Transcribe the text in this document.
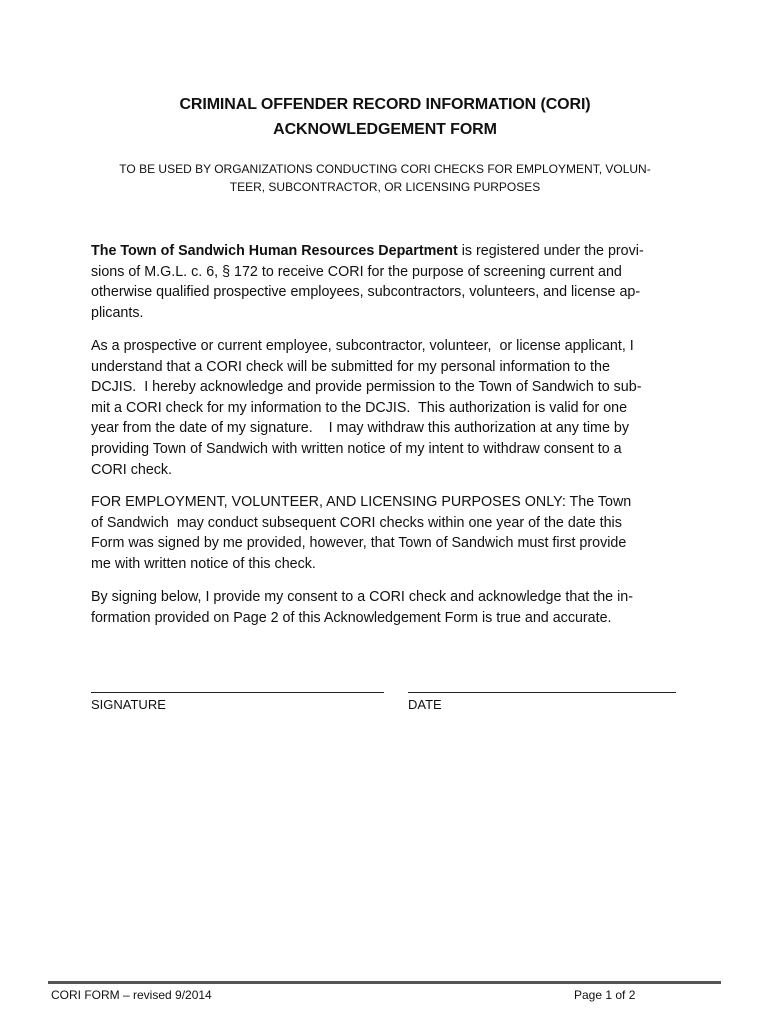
CRIMINAL OFFENDER RECORD INFORMATION (CORI)
ACKNOWLEDGEMENT FORM
TO BE USED BY ORGANIZATIONS CONDUCTING CORI CHECKS FOR EMPLOYMENT, VOLUN-
TEER, SUBCONTRACTOR, OR LICENSING PURPOSES
The Town of Sandwich Human Resources Department is registered under the provi-
sions of M.G.L. c. 6, § 172 to receive CORI for the purpose of screening current and
otherwise qualified prospective employees, subcontractors, volunteers, and license ap-
plicants.
As a prospective or current employee, subcontractor, volunteer,  or license applicant, I
understand that a CORI check will be submitted for my personal information to the
DCJIS.  I hereby acknowledge and provide permission to the Town of Sandwich to sub-
mit a CORI check for my information to the DCJIS.  This authorization is valid for one
year from the date of my signature.    I may withdraw this authorization at any time by
providing Town of Sandwich with written notice of my intent to withdraw consent to a
CORI check.
FOR EMPLOYMENT, VOLUNTEER, AND LICENSING PURPOSES ONLY: The Town
of Sandwich  may conduct subsequent CORI checks within one year of the date this
Form was signed by me provided, however, that Town of Sandwich must first provide
me with written notice of this check.
By signing below, I provide my consent to a CORI check and acknowledge that the in-
formation provided on Page 2 of this Acknowledgement Form is true and accurate.
SIGNATURE	DATE
CORI FORM – revised 9/2014	Page 1 of 2
